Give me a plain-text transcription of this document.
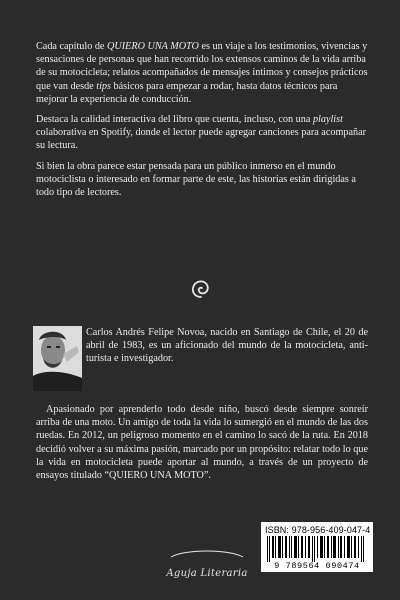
Cada capítulo de QUIERO UNA MOTO es un viaje a los testimonios, vivencias y sensaciones de personas que han recorrido los extensos caminos de la vida arriba de su motocicleta; relatos acompañados de mensajes íntimos y consejos prácticos que van desde tips básicos para empezar a rodar, hasta datos técnicos para mejorar la experiencia de conducción.

Destaca la calidad interactiva del libro que cuenta, incluso, con una playlist colaborativa en Spotify, donde el lector puede agregar canciones para acompañar su lectura.

Si bien la obra parece estar pensada para un público inmerso en el mundo motociclista o interesado en formar parte de este, las historias están dirigidas a todo tipo de lectores.

Carlos Andrés Felipe Novoa, nacido en Santiago de Chile, el 20 de abril de 1983, es un aficionado del mundo de la motocicleta, anti-turista e investigador.

Apasionado por aprenderlo todo desde niño, buscó desde siempre sonreír arriba de una moto. Un amigo de toda la vida lo sumergió en el mundo de las dos ruedas. En 2012, un peligroso momento en el camino lo sacó de la ruta. En 2018 decidió volver a su máxima pasión, marcado por un propósito: relatar todo lo que la vida en motocicleta puede aportar al mundo, a través de un proyecto de ensayos titulado “QUIERO UNA MOTO”.

ISBN: 978-956-409-047-4
9 789564 090474
Aguja Literaria
